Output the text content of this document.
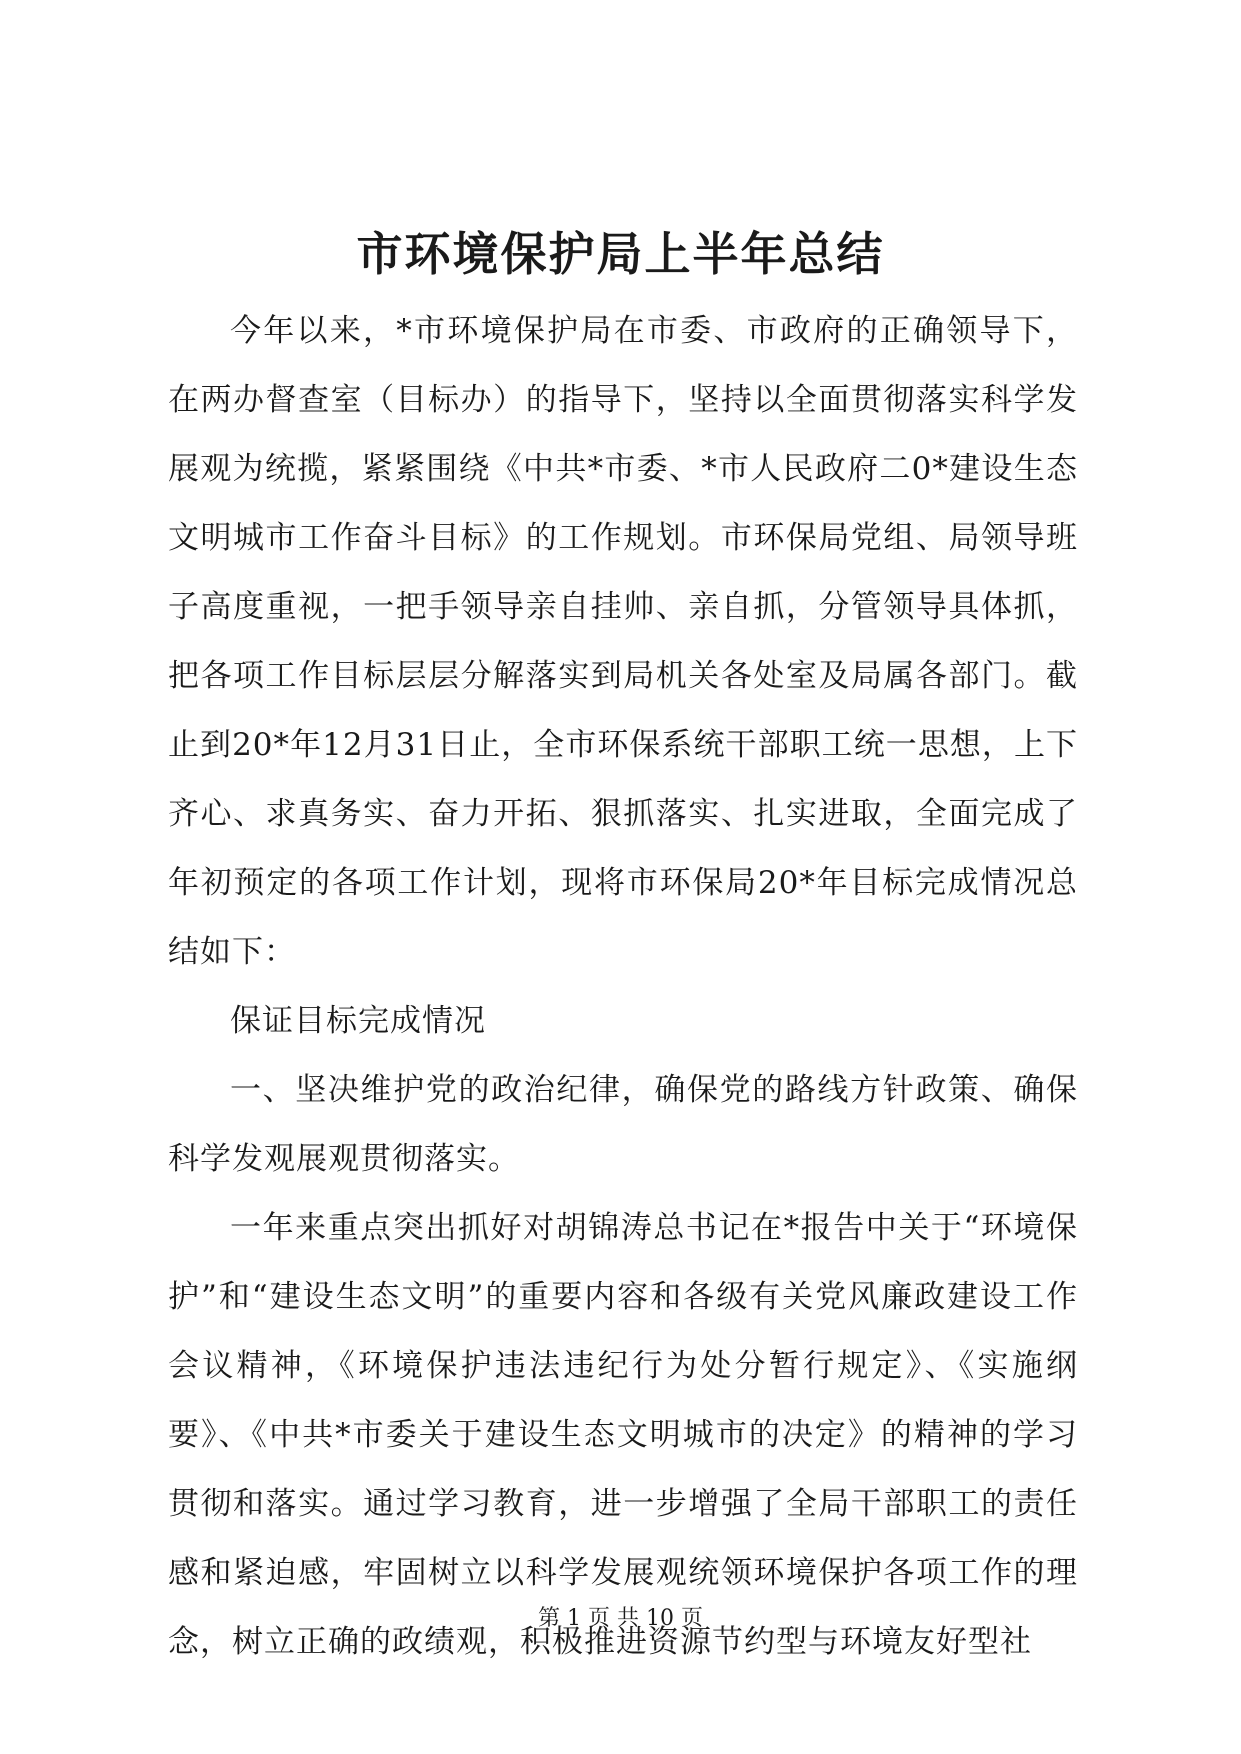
市环境保护局上半年总结

今年以来，*市环境保护局在市委、市政府的正确领导下，在两办督查室（目标办）的指导下，坚持以全面贯彻落实科学发展观为统揽，紧紧围绕《中共*市委、*市人民政府二0*建设生态文明城市工作奋斗目标》的工作规划。市环保局党组、局领导班子高度重视，一把手领导亲自挂帅、亲自抓，分管领导具体抓，把各项工作目标层层分解落实到局机关各处室及局属各部门。截止到20*年12月31日止，全市环保系统干部职工统一思想，上下齐心、求真务实、奋力开拓、狠抓落实、扎实进取，全面完成了年初预定的各项工作计划，现将市环保局20*年目标完成情况总结如下：

保证目标完成情况

一、坚决维护党的政治纪律，确保党的路线方针政策、确保科学发观展观贯彻落实。

一年来重点突出抓好对胡锦涛总书记在*报告中关于“环境保护”和“建设生态文明”的重要内容和各级有关党风廉政建设工作会议精神，《环境保护违法违纪行为处分暂行规定》、《实施纲要》、《中共*市委关于建设生态文明城市的决定》的精神的学习贯彻和落实。通过学习教育，进一步增强了全局干部职工的责任感和紧迫感，牢固树立以科学发展观统领环境保护各项工作的理念，树立正确的政绩观，积极推进资源节约型与环境友好型社

第 1 页 共 10 页
